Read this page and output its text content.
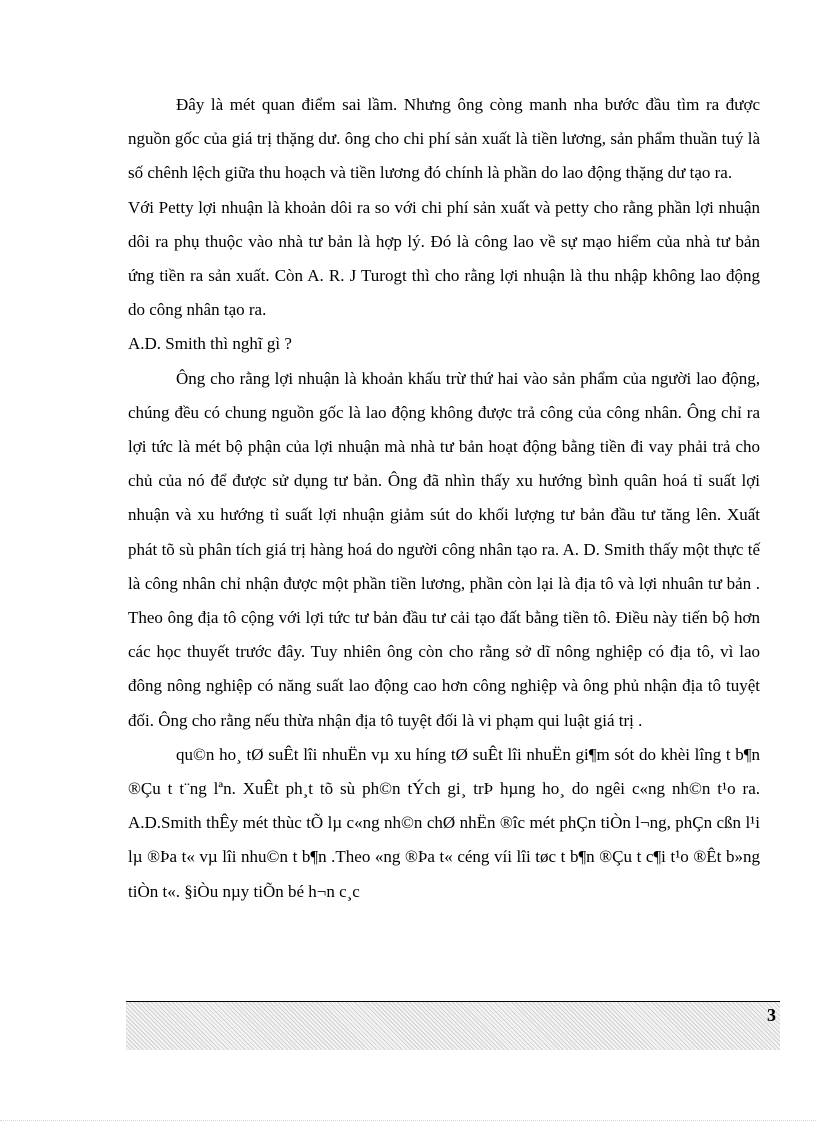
Đây là mét quan điểm sai lầm. Nhưng ông còng manh nha bước đầu tìm ra được nguồn gốc của giá trị thặng dư. ông cho chi phí sản xuất là tiền lương, sản phẩm thuần tuý là số chênh lệch giữa thu hoạch và tiền lương đó chính là phần do lao động thặng dư tạo ra.

Với Petty lợi nhuận là khoản dôi ra so với chi phí sản xuất và petty cho rằng phần lợi nhuận dôi ra phụ thuộc vào nhà tư bản là hợp lý. Đó là công lao về sự mạo hiểm của nhà tư bản ứng tiền ra sản xuất. Còn A. R. J Turogt thì cho rằng lợi nhuận là thu nhập không lao động do công nhân tạo ra.

A.D. Smith thì nghĩ gì ?

Ông cho rằng lợi nhuận là khoản khấu trừ thứ hai vào sản phẩm của người lao động, chúng đều có chung nguồn gốc là lao động không được trả công của công nhân. Ông chỉ ra lợi tức là mét bộ phận của lợi nhuận mà nhà tư bản hoạt động bằng tiền đi vay phải trả cho chủ của nó để được sử dụng tư bản. Ông đã nhìn thấy xu hướng bình quân hoá tỉ suất lợi nhuận và xu hướng tỉ suất lợi nhuận giảm sút do khối lượng tư bản đầu tư tăng lên. Xuất phát tõ sù phân tích giá trị hàng hoá do người công nhân tạo ra. A. D. Smith thấy một thực tế là công nhân chỉ nhận được một phần tiền lương, phần còn lại là địa tô và lợi nhuân tư bản . Theo ông địa tô cộng với lợi tức tư bản đầu tư cải tạo đất bằng tiền tô. Điều này tiến bộ hơn các học thuyết trước đây. Tuy nhiên ông còn cho rằng sở dĩ nông nghiệp có địa tô, vì lao đông nông nghiệp có năng suất lao động cao hơn công nghiệp và ông phủ nhận địa tô tuyệt đối. Ông cho rằng nếu thừa nhận địa tô tuyệt đối là vi phạm qui luật giá trị .

qu©n ho¸ tØ suÊt lîi nhuËn vµ xu híng tØ suÊt lîi nhuËn gi¶m sót do khèi lîng t b¶n ®Çu t t¨ng lªn. XuÊt ph¸t tõ sù ph©n tÝch gi¸ trÞ hµng ho¸ do ngêi c«ng nh©n t¹o ra. A.D.Smith thÊy mét thùc tÕ lµ c«ng nh©n chØ nhËn ®îc mét phÇn tiÒn l¬ng, phÇn cßn l¹i lµ ®Þa t« vµ lîi nhu©n t b¶n .Theo «ng ®Þa t« céng víi lîi tøc t b¶n ®Çu t c¶i t¹o ®Êt b»ng tiÒn t«. §iÒu nµy tiÕn bé h¬n c¸c

3
